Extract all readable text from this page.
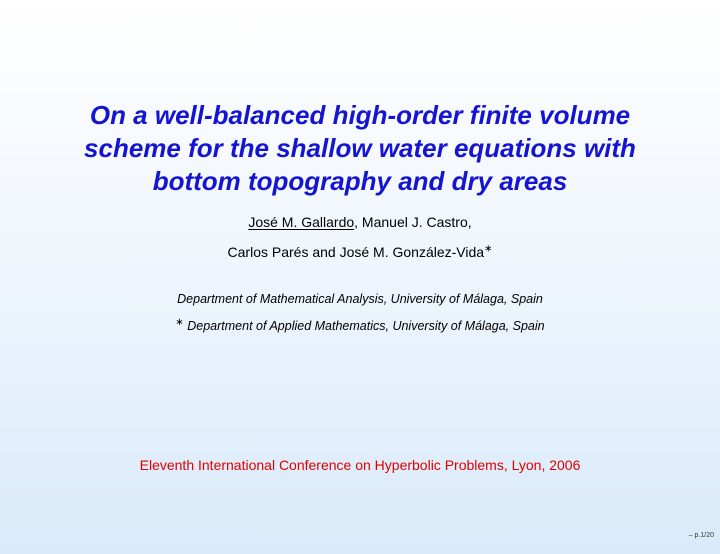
On a well-balanced high-order finite volume
scheme for the shallow water equations with
bottom topography and dry areas
José M. Gallardo, Manuel J. Castro,
Carlos Parés and José M. González-Vida∗
Department of Mathematical Analysis, University of Málaga, Spain
∗ Department of Applied Mathematics, University of Málaga, Spain
Eleventh International Conference on Hyperbolic Problems, Lyon, 2006
– p.1/20
